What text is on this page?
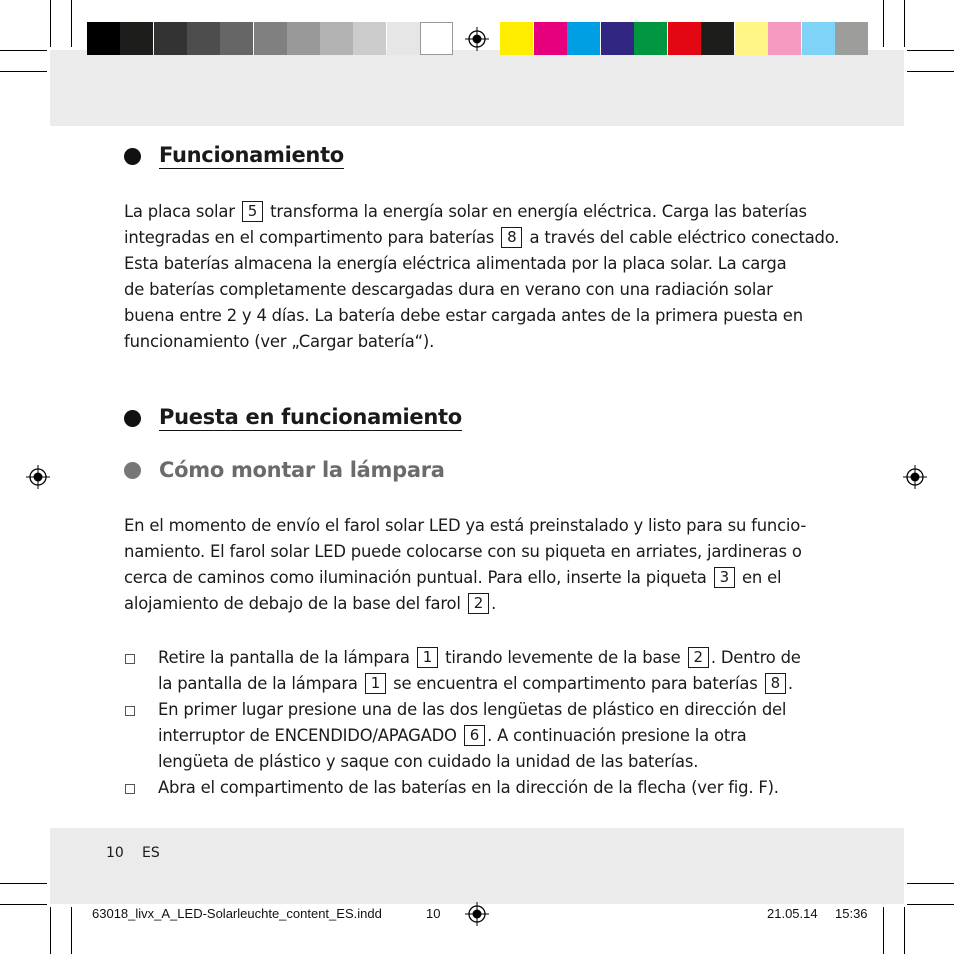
Funcionamiento
La placa solar 5 transforma la energía solar en energía eléctrica. Carga las baterías
integradas en el compartimento para baterías 8 a través del cable eléctrico conectado.
Esta baterías almacena la energía eléctrica alimentada por la placa solar. La carga
de baterías completamente descargadas dura en verano con una radiación solar
buena entre 2 y 4 días. La batería debe estar cargada antes de la primera puesta en
funcionamiento (ver „Cargar batería“).
Puesta en funcionamiento
Cómo montar la lámpara
En el momento de envío el farol solar LED ya está preinstalado y listo para su funcio-
namiento. El farol solar LED puede colocarse con su piqueta en arriates, jardineras o
cerca de caminos como iluminación puntual. Para ello, inserte la piqueta 3 en el
alojamiento de debajo de la base del farol 2 .
Retire la pantalla de la lámpara 1 tirando levemente de la base 2 . Dentro de
la pantalla de la lámpara 1 se encuentra el compartimento para baterías 8 .
En primer lugar presione una de las dos lengüetas de plástico en dirección del
interruptor de ENCENDIDO/APAGADO 6 . A continuación presione la otra
lengüeta de plástico y saque con cuidado la unidad de las baterías.
Abra el compartimento de las baterías en la dirección de la flecha (ver fig. F).
10 ES
63018_livx_A_LED-Solarleuchte_content_ES.indd	10	21.05.14 15:36
